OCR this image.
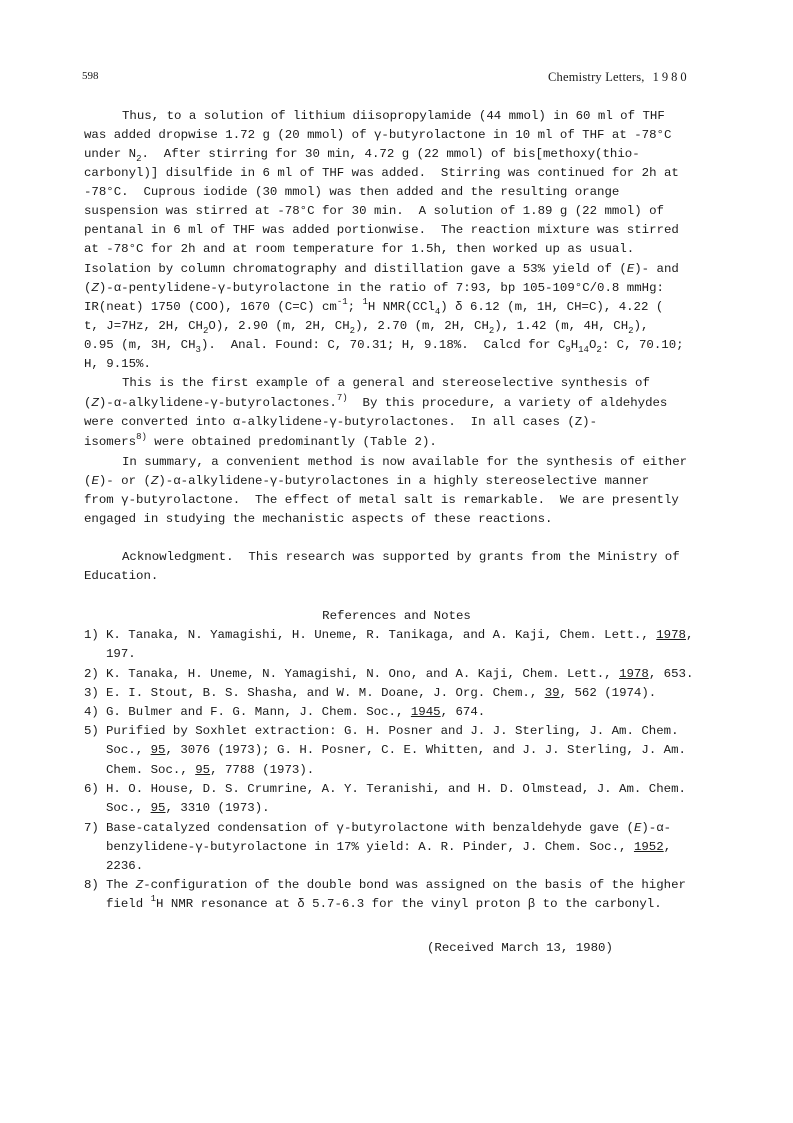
598	Chemistry Letters, 1980
Thus, to a solution of lithium diisopropylamide (44 mmol) in 60 ml of THF
was added dropwise 1.72 g (20 mmol) of γ-butyrolactone in 10 ml of THF at -78°C
under $N_2$.  After stirring for 30 min, 4.72 g (22 mmol) of bis[methoxy(thio-
carbonyl)] disulfide in 6 ml of THF was added.  Stirring was continued for 2h at
-78°C.  Cuprous iodide (30 mmol) was then added and the resulting orange
suspension was stirred at -78°C for 30 min.  A solution of 1.89 g (22 mmol) of
pentanal in 6 ml of THF was added portionwise.  The reaction mixture was stirred
at -78°C for 2h and at room temperature for 1.5h, then worked up as usual.
Isolation by column chromatography and distillation gave a 53% yield of (E)- and
(Z)-α-pentylidene-γ-butyrolactone in the ratio of 7:93, bp 105-109°C/0.8 mmHg:
IR(neat) 1750 (COO), 1670 (C=C) $cm^{-1}$; $^1$H NMR(CCl$_4$) δ 6.12 (m, 1H, CH=C), 4.22 (
t, J=7Hz, 2H, $CH_2O$), 2.90 (m, 2H, $CH_2$), 2.70 (m, 2H, $CH_2$), 1.42 (m, 4H, $CH_2$),
0.95 (m, 3H, $CH_3$).  Anal. Found: C, 70.31; H, 9.18%.  Calcd for $C_9H_{14}O_2$: C, 70.10;
H, 9.15%.
This is the first example of a general and stereoselective synthesis of
(Z)-α-alkylidene-γ-butyrolactones.$^{7)}$  By this procedure, a variety of aldehydes
were converted into α-alkylidene-γ-butyrolactones.  In all cases (Z)-
isomers$^{8)}$ were obtained predominantly (Table 2).
In summary, a convenient method is now available for the synthesis of either
(E)- or (Z)-α-alkylidene-γ-butyrolactones in a highly stereoselective manner
from γ-butyrolactone.  The effect of metal salt is remarkable.  We are presently
engaged in studying the mechanistic aspects of these reactions.
Acknowledgment.  This research was supported by grants from the Ministry of
Education.
References and Notes
1) K. Tanaka, N. Yamagishi, H. Uneme, R. Tanikaga, and A. Kaji, Chem. Lett., 1978,
197.
2) K. Tanaka, H. Uneme, N. Yamagishi, N. Ono, and A. Kaji, Chem. Lett., 1978, 653.
3) E. I. Stout, B. S. Shasha, and W. M. Doane, J. Org. Chem., 39, 562 (1974).
4) G. Bulmer and F. G. Mann, J. Chem. Soc., 1945, 674.
5) Purified by Soxhlet extraction: G. H. Posner and J. J. Sterling, J. Am. Chem.
Soc., 95, 3076 (1973); G. H. Posner, C. E. Whitten, and J. J. Sterling, J. Am.
Chem. Soc., 95, 7788 (1973).
6) H. O. House, D. S. Crumrine, A. Y. Teranishi, and H. D. Olmstead, J. Am. Chem.
Soc., 95, 3310 (1973).
7) Base-catalyzed condensation of γ-butyrolactone with benzaldehyde gave (E)-α-
benzylidene-γ-butyrolactone in 17% yield: A. R. Pinder, J. Chem. Soc., 1952,
2236.
8) The Z-configuration of the double bond was assigned on the basis of the higher
field $^1$H NMR resonance at δ 5.7-6.3 for the vinyl proton β to the carbonyl.
(Received March 13, 1980)
